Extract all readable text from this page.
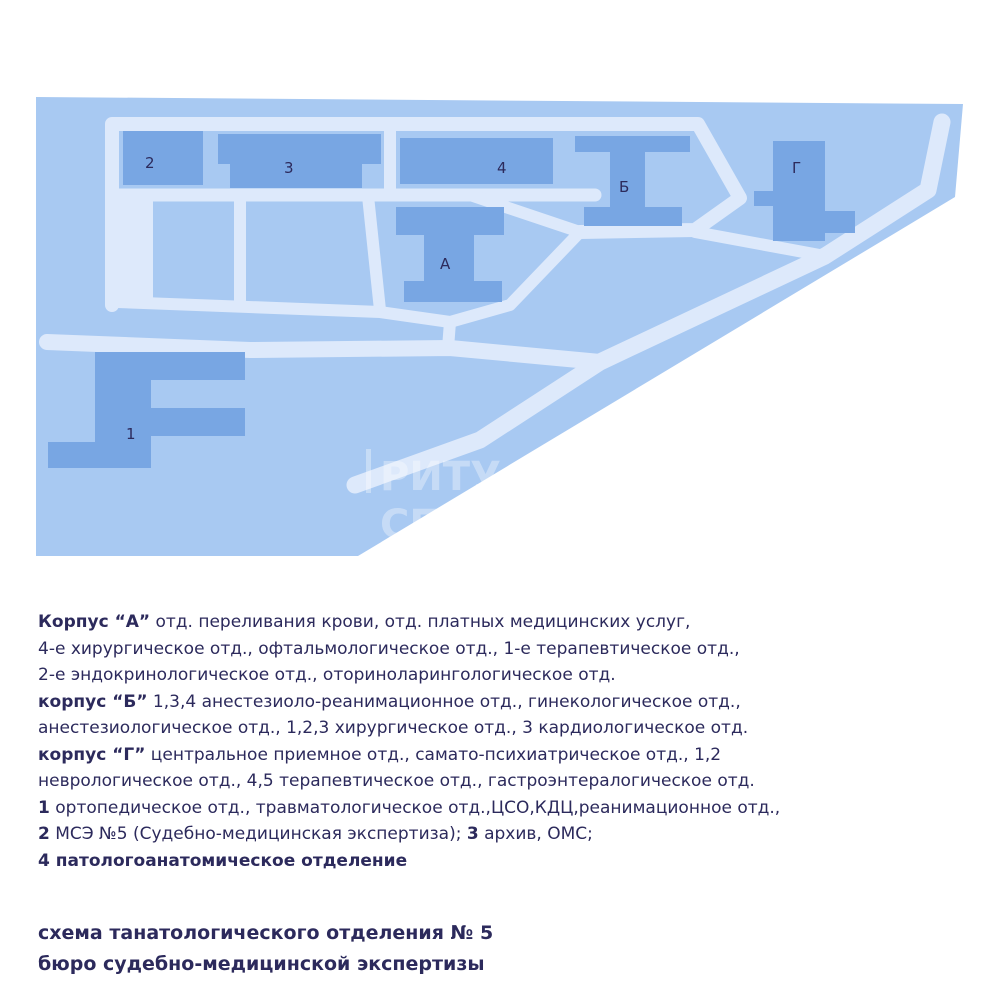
РИТУ
СП
1
2	3	4
А
Б
Г
Корпус “А” отд. переливания крови, отд. платных медицинских услуг,
4-е хирургическое отд., офтальмологическое отд., 1-е терапевтическое отд.,
2-е эндокринологическое отд., оториноларингологическое отд.
корпус “Б” 1,3,4 анестезиоло-реанимационное отд., гинекологическое отд.,
анестезиологическое отд., 1,2,3 хирургическое отд., 3 кардиологическое отд.
корпус “Г” центральное приемное отд., самато-психиатрическое отд., 1,2
неврологическое отд., 4,5 терапевтическое отд., гастроэнтералогическое отд.
1 ортопедическое отд., травматологическое отд.,ЦСО,КДЦ,реанимационное отд.,
2 МСЭ №5 (Судебно-медицинская экспертиза); 3 архив, ОМС;
4 патологоанатомическое отделение
схема танатологического отделения № 5
бюро судебно-медицинской экспертизы
